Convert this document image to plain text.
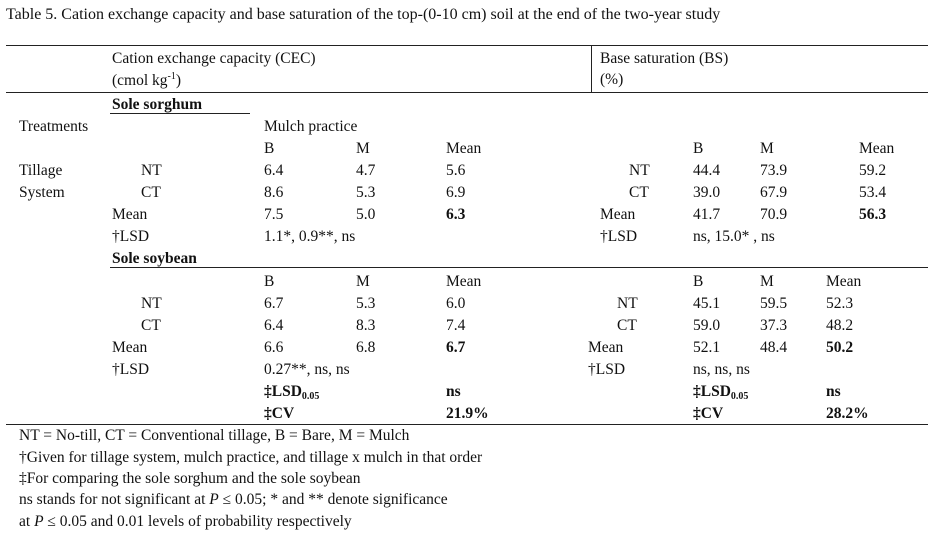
Table 5. Cation exchange capacity and base saturation of the top-(0-10 cm) soil at the end of the two-year study
Cation exchange capacity (CEC)
(cmol $kg^{-1}$)
Base saturation (BS)
(%)
Sole sorghum
Treatments	Mulch practice
B	M	Mean	B	M	Mean
Tillage
System
NT	6.4	4.7	5.6	NT	44.4	73.9	59.2
CT	8.6	5.3	6.9	CT	39.0	67.9	53.4
Mean	7.5	5.0	6.3	Mean	41.7	70.9	56.3
†LSD	1.1*, 0.9**, ns	†LSD	ns, 15.0* , ns
Sole soybean
B	M	Mean	B	M	Mean
NT	6.7	5.3	6.0	NT	45.1	59.5	52.3
CT	6.4	8.3	7.4	CT	59.0	37.3	48.2
Mean	6.6	6.8	6.7	Mean	52.1	48.4	50.2
†LSD	0.27**, ns, ns	†LSD	ns, ns, ns
$\ddagger LSD_{0.05}$	ns	$\ddagger LSD_{0.05}$	ns
‡CV	21.9%	‡CV	28.2%
NT = No-till, CT = Conventional tillage, B = Bare, M = Mulch
†Given for tillage system, mulch practice, and tillage x mulch in that order
‡For comparing the sole sorghum and the sole soybean
ns stands for not significant at P ≤ 0.05; * and ** denote significance
at P ≤ 0.05 and 0.01 levels of probability respectively
